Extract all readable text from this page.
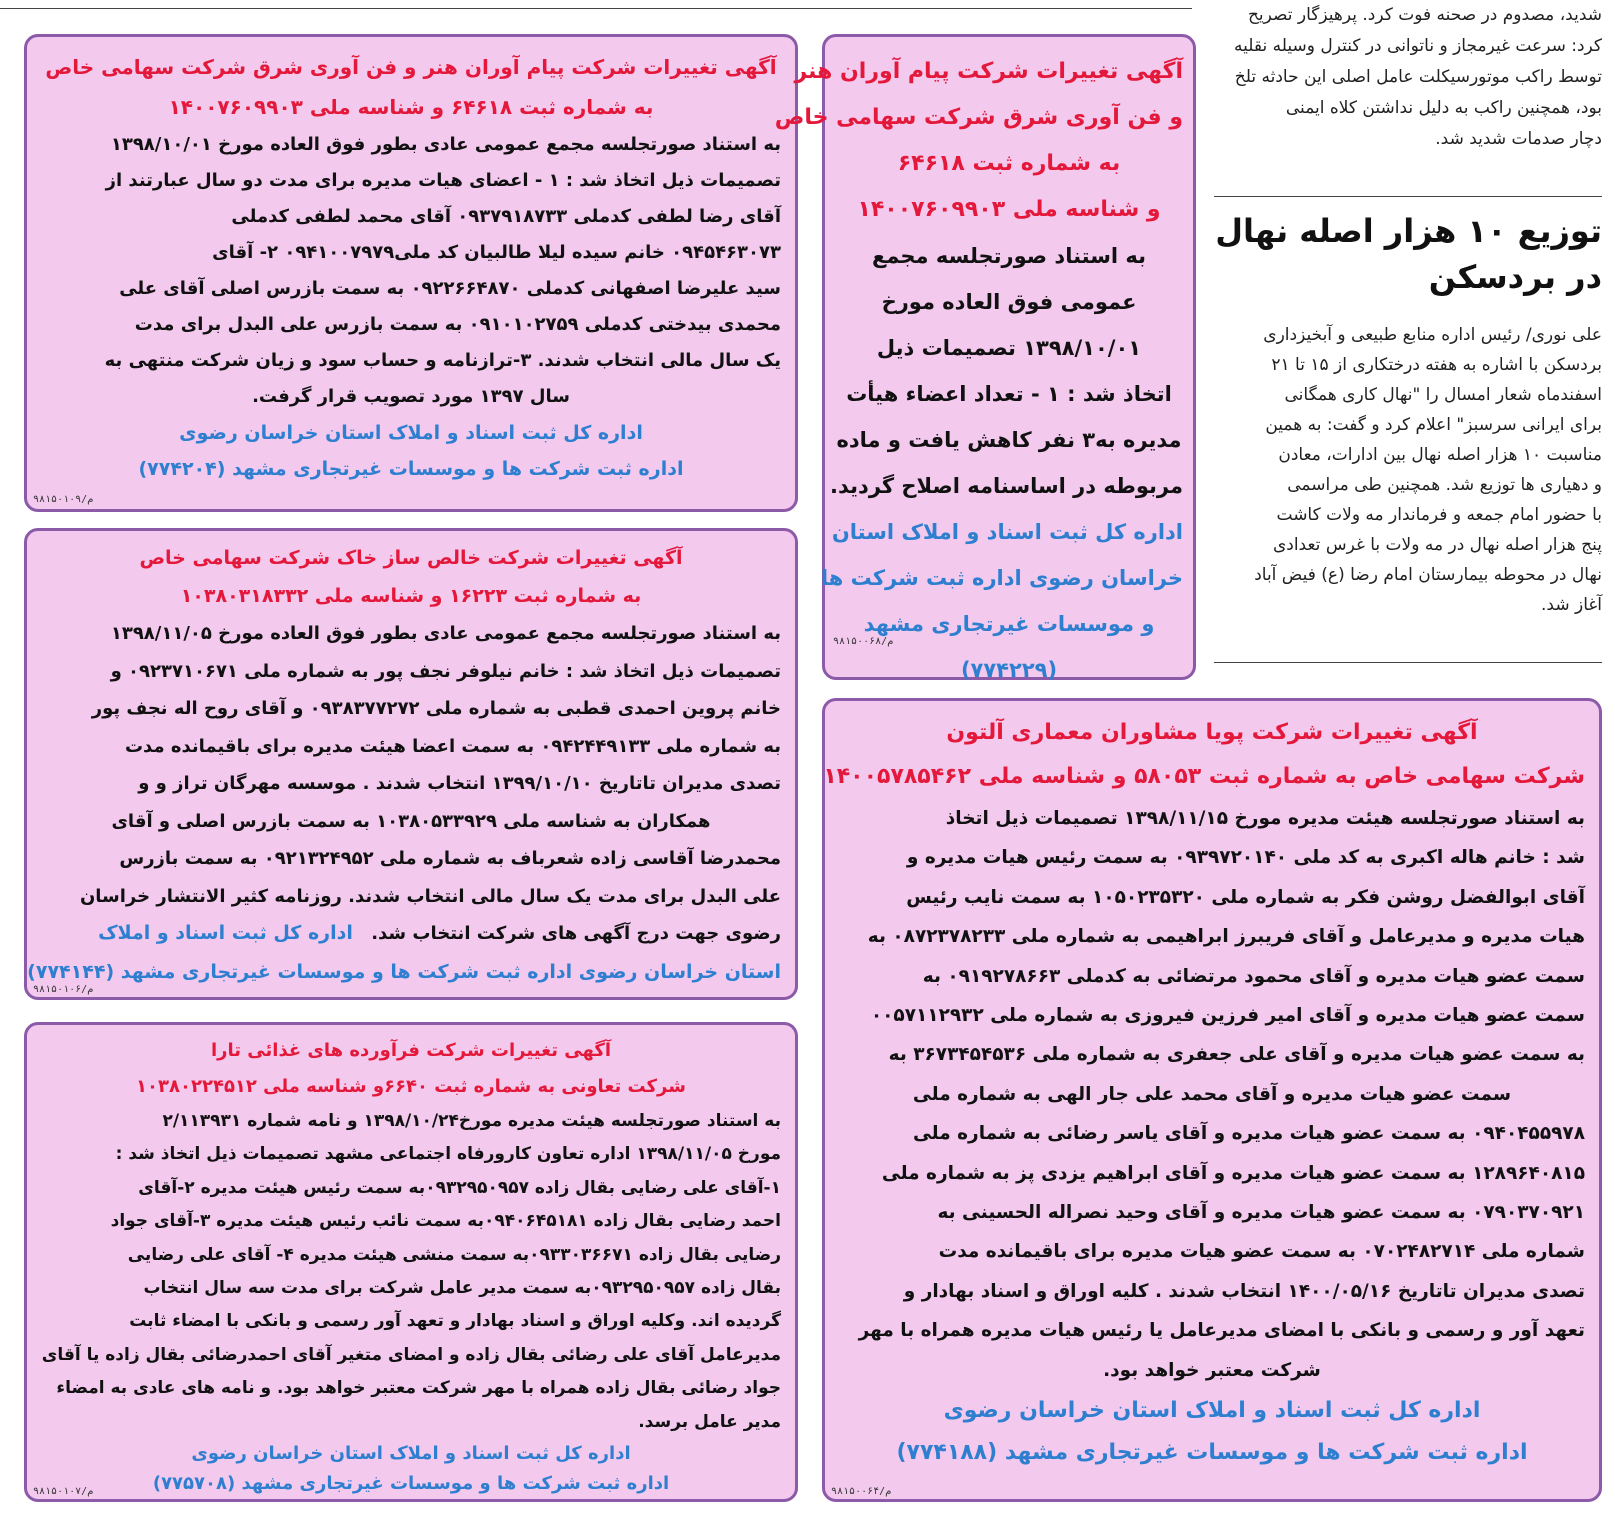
شدید، مصدوم در صحنه فوت کرد. پرهیزگار تصریح
کرد: سرعت غیرمجاز و ناتوانی در کنترل وسیله نقلیه
توسط راکب موتورسیکلت عامل اصلی این حادثه تلخ
بود، همچنین راکب به دلیل نداشتن کلاه ایمنی
دچار صدمات شدید شد.
توزیع ۱۰ هزار اصله نهال
در بردسکن
علی نوری/ رئیس اداره منابع طبیعی و آبخیزداری
بردسکن با اشاره به هفته درختکاری از ۱۵ تا ۲۱
اسفندماه شعار امسال را "نهال کاری همگانی
برای ایرانی سرسبز" اعلام کرد و گفت: به همین
مناسبت ۱۰ هزار اصله نهال بین ادارات، معادن
و دهیاری ها توزیع شد. همچنین طی مراسمی
با حضور امام جمعه و فرماندار مه ولات کاشت
پنج هزار اصله نهال در مه ولات با غرس تعدادی
نهال در محوطه بیمارستان امام رضا (ع) فیض آباد
آغاز شد.
آگهی تغییرات شرکت پیام آوران هنر و فن آوری شرق شرکت سهامی خاص
به شماره ثبت ۶۴۶۱۸ و شناسه ملی ۱۴۰۰۷۶۰۹۹۰۳
به استناد صورتجلسه مجمع عمومی عادی بطور فوق العاده مورخ ۱۳۹۸/۱۰/۰۱
تصمیمات ذیل اتخاذ شد : ۱ - اعضای هیات مدیره برای مدت دو سال عبارتند از
آقای رضا لطفی کدملی ۰۹۳۷۹۱۸۷۳۳ آقای محمد لطفی کدملی
۰۹۴۵۴۶۳۰۷۳ خانم سیده لیلا طالبیان کد ملی۰۹۴۱۰۰۷۹۷۹ ۲- آقای
سید علیرضا اصفهانی کدملی ۰۹۲۲۶۶۴۸۷۰ به سمت بازرس اصلی آقای علی
محمدی بیدختی کدملی ۰۹۱۰۱۰۲۷۵۹ به سمت بازرس علی البدل برای مدت
یک سال مالی انتخاب شدند. ۳-ترازنامه و حساب سود و زیان شرکت منتهی به
سال ۱۳۹۷ مورد تصویب قرار گرفت.
اداره کل ثبت اسناد و املاک استان خراسان رضوی
اداره ثبت شرکت ها و موسسات غیرتجاری مشهد (۷۷۴۲۰۴)
م/۹۸۱۵۰۱۰۹
آگهی تغییرات شرکت پیام آوران هنر
و فن آوری شرق شرکت سهامی خاص
به شماره ثبت ۶۴۶۱۸
و شناسه ملی ۱۴۰۰۷۶۰۹۹۰۳
به استناد صورتجلسه مجمع
عمومی فوق العاده مورخ
۱۳۹۸/۱۰/۰۱ تصمیمات ذیل
اتخاذ شد : ۱ - تعداد اعضاء هیأت
مدیره به۳ نفر کاهش یافت و ماده
مربوطه در اساسنامه اصلاح گردید.
اداره کل ثبت اسناد و املاک استان
خراسان رضوی اداره ثبت شرکت ها
و موسسات غیرتجاری مشهد
(۷۷۴۲۲۹)
م/۹۸۱۵۰۰۶۸
آگهی تغییرات شرکت خالص ساز خاک شرکت سهامی خاص
به شماره ثبت ۱۶۲۲۳ و شناسه ملی ۱۰۳۸۰۳۱۸۳۳۲
به استناد صورتجلسه مجمع عمومی عادی بطور فوق العاده مورخ ۱۳۹۸/۱۱/۰۵
تصمیمات ذیل اتخاذ شد : خانم نیلوفر نجف پور به شماره ملی ۰۹۲۳۷۱۰۶۷۱ و
خانم پروین احمدی قطبی به شماره ملی ۰۹۳۸۳۷۷۲۷۲ و آقای روح اله نجف پور
به شماره ملی ۰۹۴۲۴۴۹۱۳۳ به سمت اعضا هیئت مدیره برای باقیمانده مدت
تصدی مدیران تاتاریخ ۱۳۹۹/۱۰/۱۰ انتخاب شدند . موسسه مهرگان تراز و و
همکاران به شناسه ملی ۱۰۳۸۰۵۳۳۹۲۹ به سمت بازرس اصلی و آقای
محمدرضا آقاسی زاده شعرباف به شماره ملی ۰۹۲۱۳۲۴۹۵۲ به سمت بازرس
علی البدل برای مدت یک سال مالی انتخاب شدند. روزنامه کثیر الانتشار خراسان
رضوی جهت درج آگهی های شرکت انتخاب شد. اداره کل ثبت اسناد و املاک
استان خراسان رضوی اداره ثبت شرکت ها و موسسات غیرتجاری مشهد (۷۷۴۱۴۴)
م/۹۸۱۵۰۱۰۶
آگهی تغییرات شرکت پویا مشاوران معماری آلتون
شرکت سهامی خاص به شماره ثبت ۵۸۰۵۳ و شناسه ملی ۱۴۰۰۵۷۸۵۴۶۲
به استناد صورتجلسه هیئت مدیره مورخ ۱۳۹۸/۱۱/۱۵ تصمیمات ذیل اتخاذ
شد : خانم هاله اکبری به کد ملی ۰۹۳۹۷۲۰۱۴۰ به سمت رئیس هیات مدیره و
آقای ابوالفضل روشن فکر به شماره ملی ۱۰۵۰۲۳۵۳۲۰ به سمت نایب رئیس
هیات مدیره و مدیرعامل و آقای فریبرز ابراهیمی به شماره ملی ۰۸۷۲۳۷۸۲۳۳ به
سمت عضو هیات مدیره و آقای محمود مرتضائی به کدملی ۰۹۱۹۲۷۸۶۶۳ به
سمت عضو هیات مدیره و آقای امیر فرزین فیروزی به شماره ملی ۰۰۵۷۱۱۲۹۳۲
به سمت عضو هیات مدیره و آقای علی جعفری به شماره ملی ۳۶۷۳۴۵۴۵۳۶ به
سمت عضو هیات مدیره و آقای محمد علی جار الهی به شماره ملی
۰۹۴۰۴۵۵۹۷۸ به سمت عضو هیات مدیره و آقای یاسر رضائی به شماره ملی
۱۲۸۹۶۴۰۸۱۵ به سمت عضو هیات مدیره و آقای ابراهیم یزدی پز به شماره ملی
۰۷۹۰۳۷۰۹۲۱ به سمت عضو هیات مدیره و آقای وحید نصراله الحسینی به
شماره ملی ۰۷۰۲۴۸۲۷۱۴ به سمت عضو هیات مدیره برای باقیمانده مدت
تصدی مدیران تاتاریخ ۱۴۰۰/۰۵/۱۶ انتخاب شدند . کلیه اوراق و اسناد بهادار و
تعهد آور و رسمی و بانکی با امضای مدیرعامل یا رئیس هیات مدیره همراه با مهر
شرکت معتبر خواهد بود.
اداره کل ثبت اسناد و املاک استان خراسان رضوی
اداره ثبت شرکت ها و موسسات غیرتجاری مشهد (۷۷۴۱۸۸)
م/۹۸۱۵۰۰۶۴
آگهی تغییرات شرکت فرآورده های غذائی تارا
شرکت تعاونی به شماره ثبت ۶۶۴۰و شناسه ملی ۱۰۳۸۰۲۲۴۵۱۲
به استناد صورتجلسه هیئت مدیره مورخ۱۳۹۸/۱۰/۲۴ و نامه شماره ۲/۱۱۳۹۳۱
مورخ ۱۳۹۸/۱۱/۰۵ اداره تعاون کارورفاه اجتماعی مشهد تصمیمات ذیل اتخاذ شد :
۱-آقای علی رضایی بقال زاده ۰۹۳۲۹۵۰۹۵۷به سمت رئیس هیئت مدیره ۲-آقای
احمد رضایی بقال زاده ۰۹۴۰۶۴۵۱۸۱به سمت نائب رئیس هیئت مدیره ۳-آقای جواد
رضایی بقال زاده ۰۹۳۳۰۳۶۶۷۱به سمت منشی هیئت مدیره ۴- آقای علی رضایی
بقال زاده ۰۹۳۲۹۵۰۹۵۷به سمت مدیر عامل شرکت برای مدت سه سال انتخاب
گردیده اند. وکلیه اوراق و اسناد بهادار و تعهد آور رسمی و بانکی با امضاء ثابت
مدیرعامل آقای علی رضائی بقال زاده و امضای متغیر آقای احمدرضائی بقال زاده یا آقای
جواد رضائی بقال زاده همراه با مهر شرکت معتبر خواهد بود. و نامه های عادی به امضاء
مدیر عامل برسد.
اداره کل ثبت اسناد و املاک استان خراسان رضوی
اداره ثبت شرکت ها و موسسات غیرتجاری مشهد (۷۷۵۷۰۸)
م/۹۸۱۵۰۱۰۷
